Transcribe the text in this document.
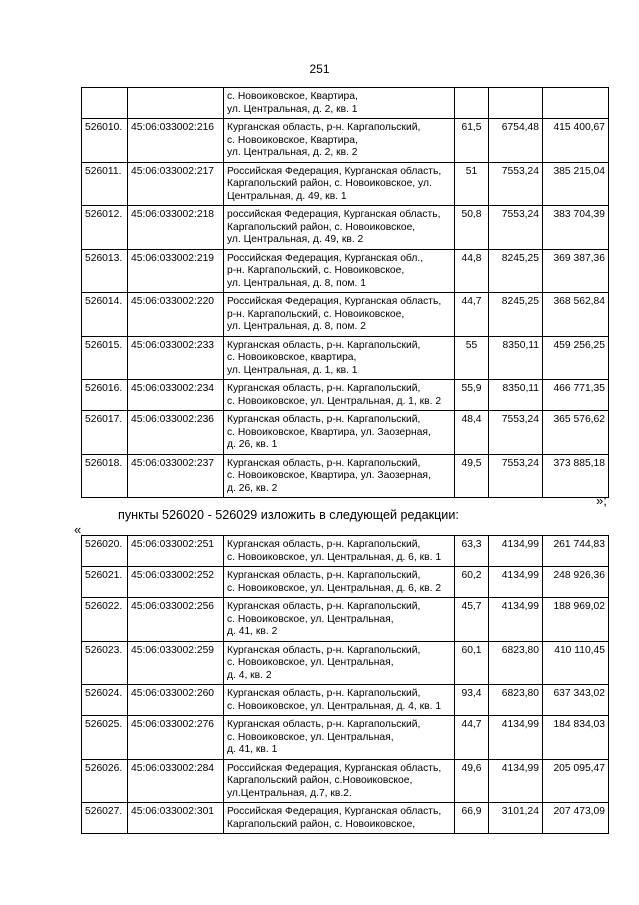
251

		с. Новоиковское, Квартира,
ул. Центральная, д. 2, кв. 1			

526010.	45:06:033002:216	Курганская область, р-н. Каргапольский,
с. Новоиковское, Квартира,
ул. Центральная, д. 2, кв. 2	61,5	6754,48	415 400,67
526011.	45:06:033002:217	Российская Федерация, Курганская область,
Каргапольский район, с. Новоиковское, ул.
Центральная, д. 49, кв. 1	51	7553,24	385 215,04
526012.	45:06:033002:218	российская Федерация, Курганская область,
Каргапольский район, с. Новоиковское,
ул. Центральная, д. 49, кв. 2	50,8	7553,24	383 704,39
526013.	45:06:033002:219	Российская Федерация, Курганская обл.,
р-н. Каргапольский, с. Новоиковское,
ул. Центральная, д. 8, пом. 1	44,8	8245,25	369 387,36
526014.	45:06:033002:220	Российская Федерация, Курганская область,
р-н. Каргапольский, с. Новоиковское,
ул. Центральная, д. 8, пом. 2	44,7	8245,25	368 562,84
526015.	45:06:033002:233	Курганская область, р-н. Каргапольский,
с. Новоиковское, квартира,
ул. Центральная, д. 1, кв. 1	55	8350,11	459 256,25
526016.	45:06:033002:234	Курганская область, р-н. Каргапольский,
с. Новоиковское, ул. Центральная, д. 1, кв. 2	55,9	8350,11	466 771,35
526017.	45:06:033002:236	Курганская область, р-н. Каргапольский,
с. Новоиковское, Квартира, ул. Заозерная,
д. 26, кв. 1	48,4	7553,24	365 576,62
526018.	45:06:033002:237	Курганская область, р-н. Каргапольский,
с. Новоиковское, Квартира, ул. Заозерная,
д. 26, кв. 2	49,5	7553,24	373 885,18
»;
пункты 526020 - 526029 изложить в следующей редакции:
«
526020.	45:06:033002:251	Курганская область, р-н. Каргапольский,
с. Новоиковское, ул. Центральная, д. 6, кв. 1	63,3	4134,99	261 744,83
526021.	45:06:033002:252	Курганская область, р-н. Каргапольский,
с. Новоиковское, ул. Центральная, д. 6, кв. 2	60,2	4134,99	248 926,36
526022.	45:06:033002:256	Курганская область, р-н. Каргапольский,
с. Новоиковское, ул. Центральная,
д. 41, кв. 2	45,7	4134,99	188 969,02
526023.	45:06:033002:259	Курганская область, р-н. Каргапольский,
с. Новоиковское, ул. Центральная,
д. 4, кв. 2	60,1	6823,80	410 110,45
526024.	45:06:033002:260	Курганская область, р-н. Каргапольский,
с. Новоиковское, ул. Центральная, д. 4, кв. 1	93,4	6823,80	637 343,02
526025.	45:06:033002:276	Курганская область, р-н. Каргапольский,
с. Новоиковское, ул. Центральная,
д. 41, кв. 1	44,7	4134,99	184 834,03
526026.	45:06:033002:284	Российская Федерация, Курганская область,
Каргапольский район, с.Новоиковское,
ул.Центральная, д.7, кв.2.	49,6	4134,99	205 095,47
526027.	45:06:033002:301	Российская Федерация, Курганская область,
Каргапольский район, с. Новоиковское,	66,9	3101,24	207 473,09
